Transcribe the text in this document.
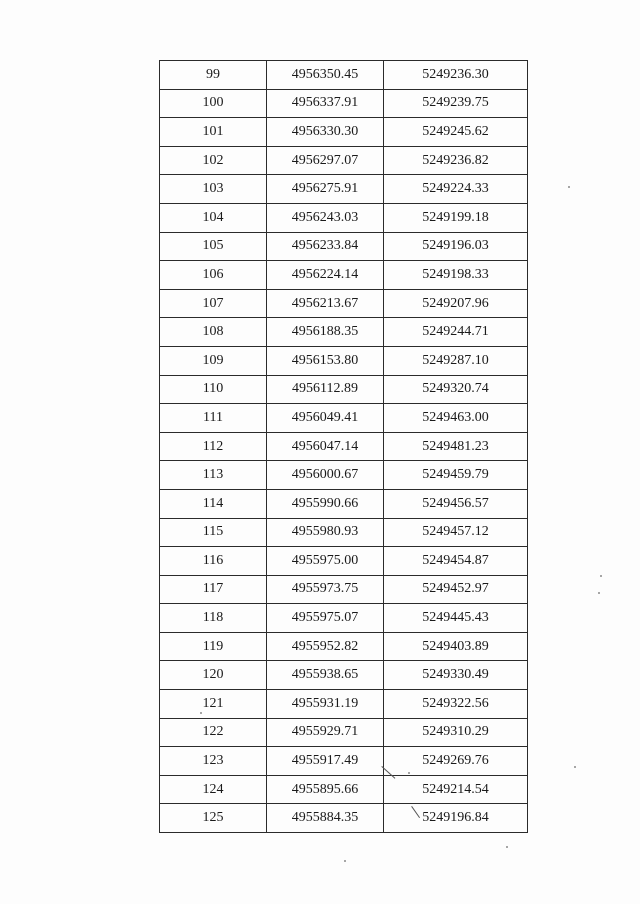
99	4956350.45	5249236.30
100	4956337.91	5249239.75
101	4956330.30	5249245.62
102	4956297.07	5249236.82
103	4956275.91	5249224.33
104	4956243.03	5249199.18
105	4956233.84	5249196.03
106	4956224.14	5249198.33
107	4956213.67	5249207.96
108	4956188.35	5249244.71
109	4956153.80	5249287.10
110	4956112.89	5249320.74
111	4956049.41	5249463.00
112	4956047.14	5249481.23
113	4956000.67	5249459.79
114	4955990.66	5249456.57
115	4955980.93	5249457.12
116	4955975.00	5249454.87
117	4955973.75	5249452.97
118	4955975.07	5249445.43
119	4955952.82	5249403.89
120	4955938.65	5249330.49
121	4955931.19	5249322.56
122	4955929.71	5249310.29
123	4955917.49	5249269.76
124	4955895.66	5249214.54
125	4955884.35	5249196.84
